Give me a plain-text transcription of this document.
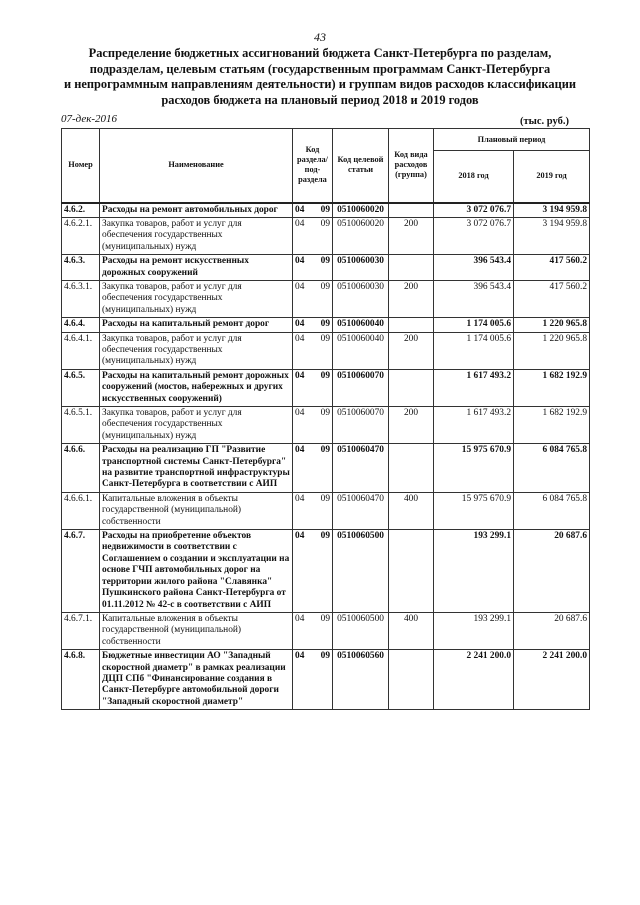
43
Распределение бюджетных ассигнований бюджета Санкт-Петербурга по разделам,
подразделам, целевым статьям (государственным программам Санкт-Петербурга
и непрограммным направлениям деятельности) и группам видов расходов классификации
расходов бюджета на плановый период 2018 и 2019 годов
07-дек-2016	(тыс. руб.)
Номер	Наименование	Код раздела/ под- раздела	Код целевой статьи	Код вида расходов (группа)	Плановый период	
					2018 год	2019 год
4.6.2.	Расходы на ремонт автомобильных дорог	04 09	0510060020		3 072 076.7	3 194 959.8
4.6.2.1.	Закупка товаров, работ и услуг для обеспечения государственных (муниципальных) нужд	04 09	0510060020	200	3 072 076.7	3 194 959.8
4.6.3.	Расходы на ремонт искусственных дорожных сооружений	04 09	0510060030		396 543.4	417 560.2
4.6.3.1.	Закупка товаров, работ и услуг для обеспечения государственных (муниципальных) нужд	04 09	0510060030	200	396 543.4	417 560.2
4.6.4.	Расходы на капитальный ремонт дорог	04 09	0510060040		1 174 005.6	1 220 965.8
4.6.4.1.	Закупка товаров, работ и услуг для обеспечения государственных (муниципальных) нужд	04 09	0510060040	200	1 174 005.6	1 220 965.8
4.6.5.	Расходы на капитальный ремонт дорожных сооружений (мостов, набережных и других искусственных сооружений)	04 09	0510060070		1 617 493.2	1 682 192.9
4.6.5.1.	Закупка товаров, работ и услуг для обеспечения государственных (муниципальных) нужд	04 09	0510060070	200	1 617 493.2	1 682 192.9
4.6.6.	Расходы на реализацию ГП "Развитие транспортной системы Санкт-Петербурга" на развитие транспортной инфраструктуры Санкт-Петербурга в соответствии с АИП	04 09	0510060470		15 975 670.9	6 084 765.8
4.6.6.1.	Капитальные вложения в объекты государственной (муниципальной) собственности	04 09	0510060470	400	15 975 670.9	6 084 765.8
4.6.7.	Расходы на приобретение объектов недвижимости в соответствии с Соглашением о создании и эксплуатации на основе ГЧП автомобильных дорог на территории жилого района "Славянка" Пушкинского района Санкт-Петербурга от 01.11.2012 № 42-с в соответствии с АИП	04 09	0510060500		193 299.1	20 687.6
4.6.7.1.	Капитальные вложения в объекты государственной (муниципальной) собственности	04 09	0510060500	400	193 299.1	20 687.6
4.6.8.	Бюджетные инвестиции АО "Западный скоростной диаметр" в рамках реализации ДЦП СПб "Финансирование создания в Санкт-Петербурге автомобильной дороги "Западный скоростной диаметр"	04 09	0510060560		2 241 200.0	2 241 200.0
